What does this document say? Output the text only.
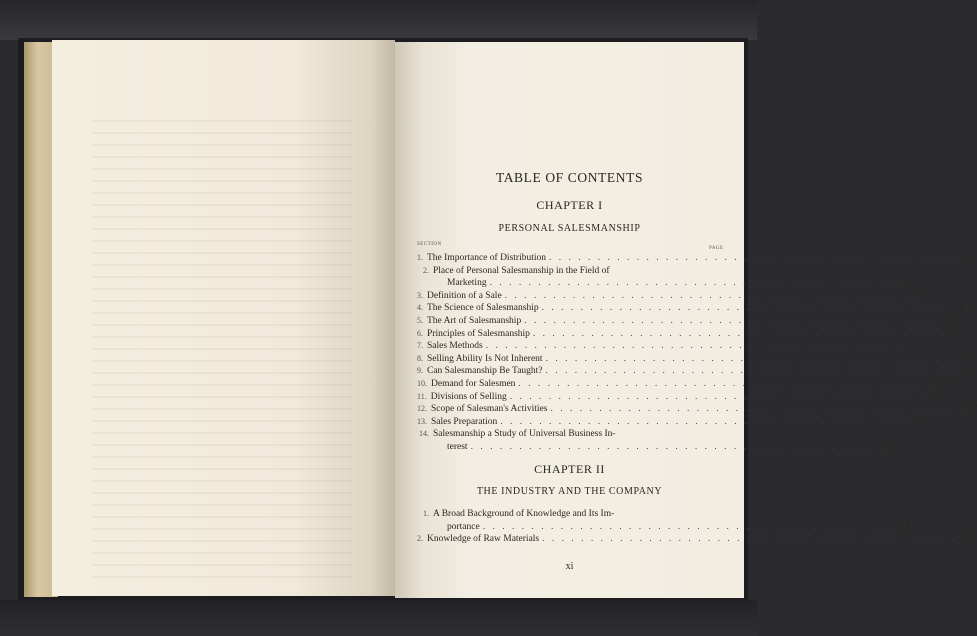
TABLE OF CONTENTS
CHAPTER I
PERSONAL SALESMANSHIP
SECTION
PAGE
1. The Importance of Distribution . . . . . . . . . . . . . . . . . . . . . . . . . . . . . . . . . . . . . . . . . . . 1
2. Place of Personal Salesmanship in the Field of
Marketing . . . . . . . . . . . . . . . . . . . . . . . . . . . . . . . . . . . . . . . . . . . 1
3. Definition of a Sale . . . . . . . . . . . . . . . . . . . . . . . . . . . . . . . . . . . . . . . . . . . 3
4. The Science of Salesmanship . . . . . . . . . . . . . . . . . . . . . . . . . . . . . . . . . . . . . . . . . . . 4
5. The Art of Salesmanship . . . . . . . . . . . . . . . . . . . . . . . . . . . . . . . . . . . . . . . . . . . 4
6. Principles of Salesmanship . . . . . . . . . . . . . . . . . . . . . . . . . . . . . . . . . . . . . . . . . . . 6
7. Sales Methods . . . . . . . . . . . . . . . . . . . . . . . . . . . . . . . . . . . . . . . . . . . 7
8. Selling Ability Is Not Inherent . . . . . . . . . . . . . . . . . . . . . . . . . . . . . . . . . . . . . . . . . . . 7
9. Can Salesmanship Be Taught? . . . . . . . . . . . . . . . . . . . . . . . . . . . . . . . . . . . . . . . . . . . 9
10. Demand for Salesmen . . . . . . . . . . . . . . . . . . . . . . . . . . . . . . . . . . . . . . . . . . . 10
11. Divisions of Selling . . . . . . . . . . . . . . . . . . . . . . . . . . . . . . . . . . . . . . . . . . . 12
12. Scope of Salesman's Activities . . . . . . . . . . . . . . . . . . . . . . . . . . . . . . . . . . . . . . . . . . . 17
13. Sales Preparation . . . . . . . . . . . . . . . . . . . . . . . . . . . . . . . . . . . . . . . . . . . 20
14. Salesmanship a Study of Universal Business In-
terest . . . . . . . . . . . . . . . . . . . . . . . . . . . . . . . . . . . . . . . . . . . 21
CHAPTER II
THE INDUSTRY AND THE COMPANY
1. A Broad Background of Knowledge and Its Im-
portance . . . . . . . . . . . . . . . . . . . . . . . . . . . . . . . . . . . . . . . . . . . 24
2. Knowledge of Raw Materials . . . . . . . . . . . . . . . . . . . . . . . . . . . . . . . . . . . . . . . . . . . 26
xi
